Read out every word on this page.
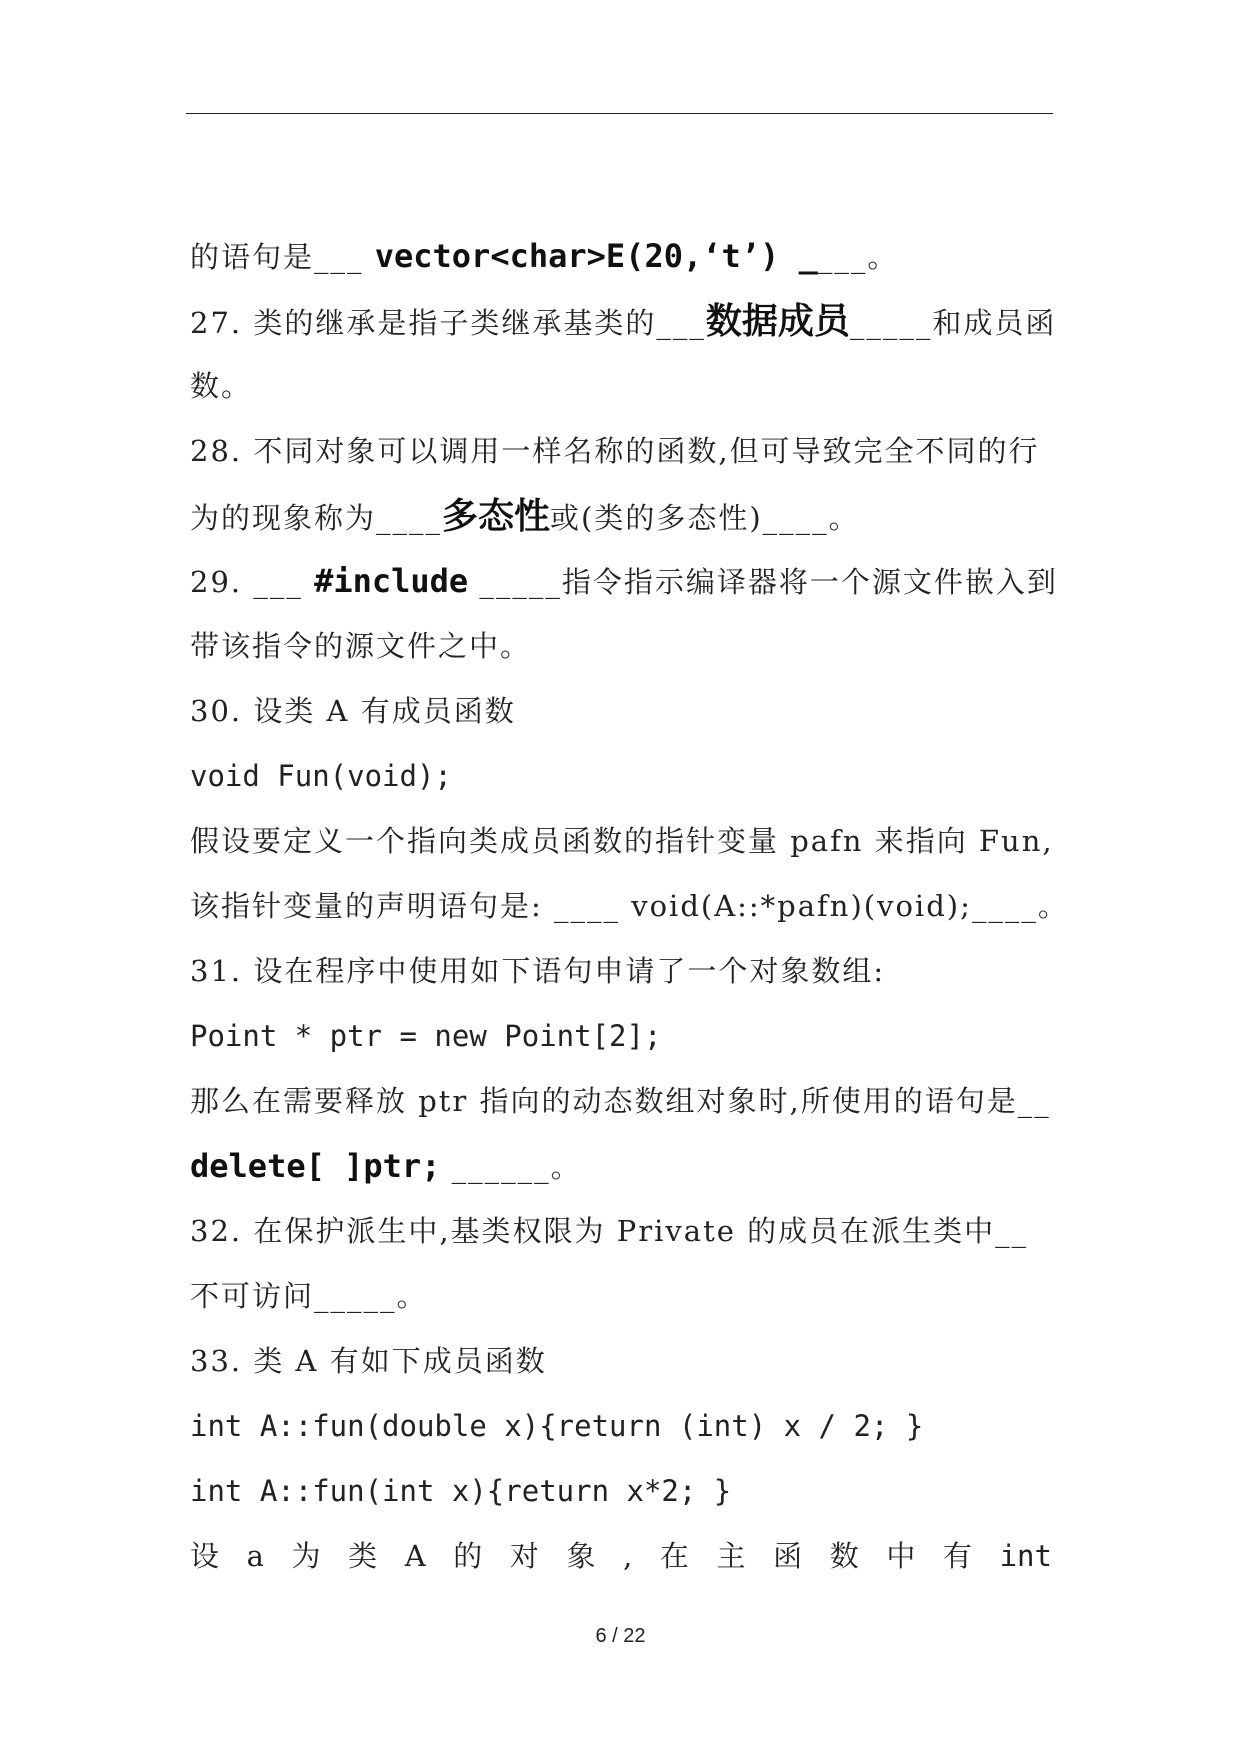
的语句是___ vector<char>E(20,‘t’) ____。
27. 类的继承是指子类继承基类的___数据成员_____和成员函
数。
28. 不同对象可以调用一样名称的函数,但可导致完全不同的行
为的现象称为____多态性或(类的多态性)____。
29. ___ #include _____指令指示编译器将一个源文件嵌入到
带该指令的源文件之中。
30. 设类 A 有成员函数
void Fun(void);
假设要定义一个指向类成员函数的指针变量 pafn 来指向 Fun,
该指针变量的声明语句是: ____ void(A::*pafn)(void);____。
31. 设在程序中使用如下语句申请了一个对象数组:
Point * ptr = new Point[2];
那么在需要释放 ptr 指向的动态数组对象时,所使用的语句是__
delete[ ]ptr; ______。
32. 在保护派生中,基类权限为 Private 的成员在派生类中__
不可访问_____。
33. 类 A 有如下成员函数
int A::fun(double x){return (int) x / 2; }
int A::fun(int x){return x*2; }
设 a 为 类 A 的 对 象 , 在 主 函 数 中 有 int
6 / 22
